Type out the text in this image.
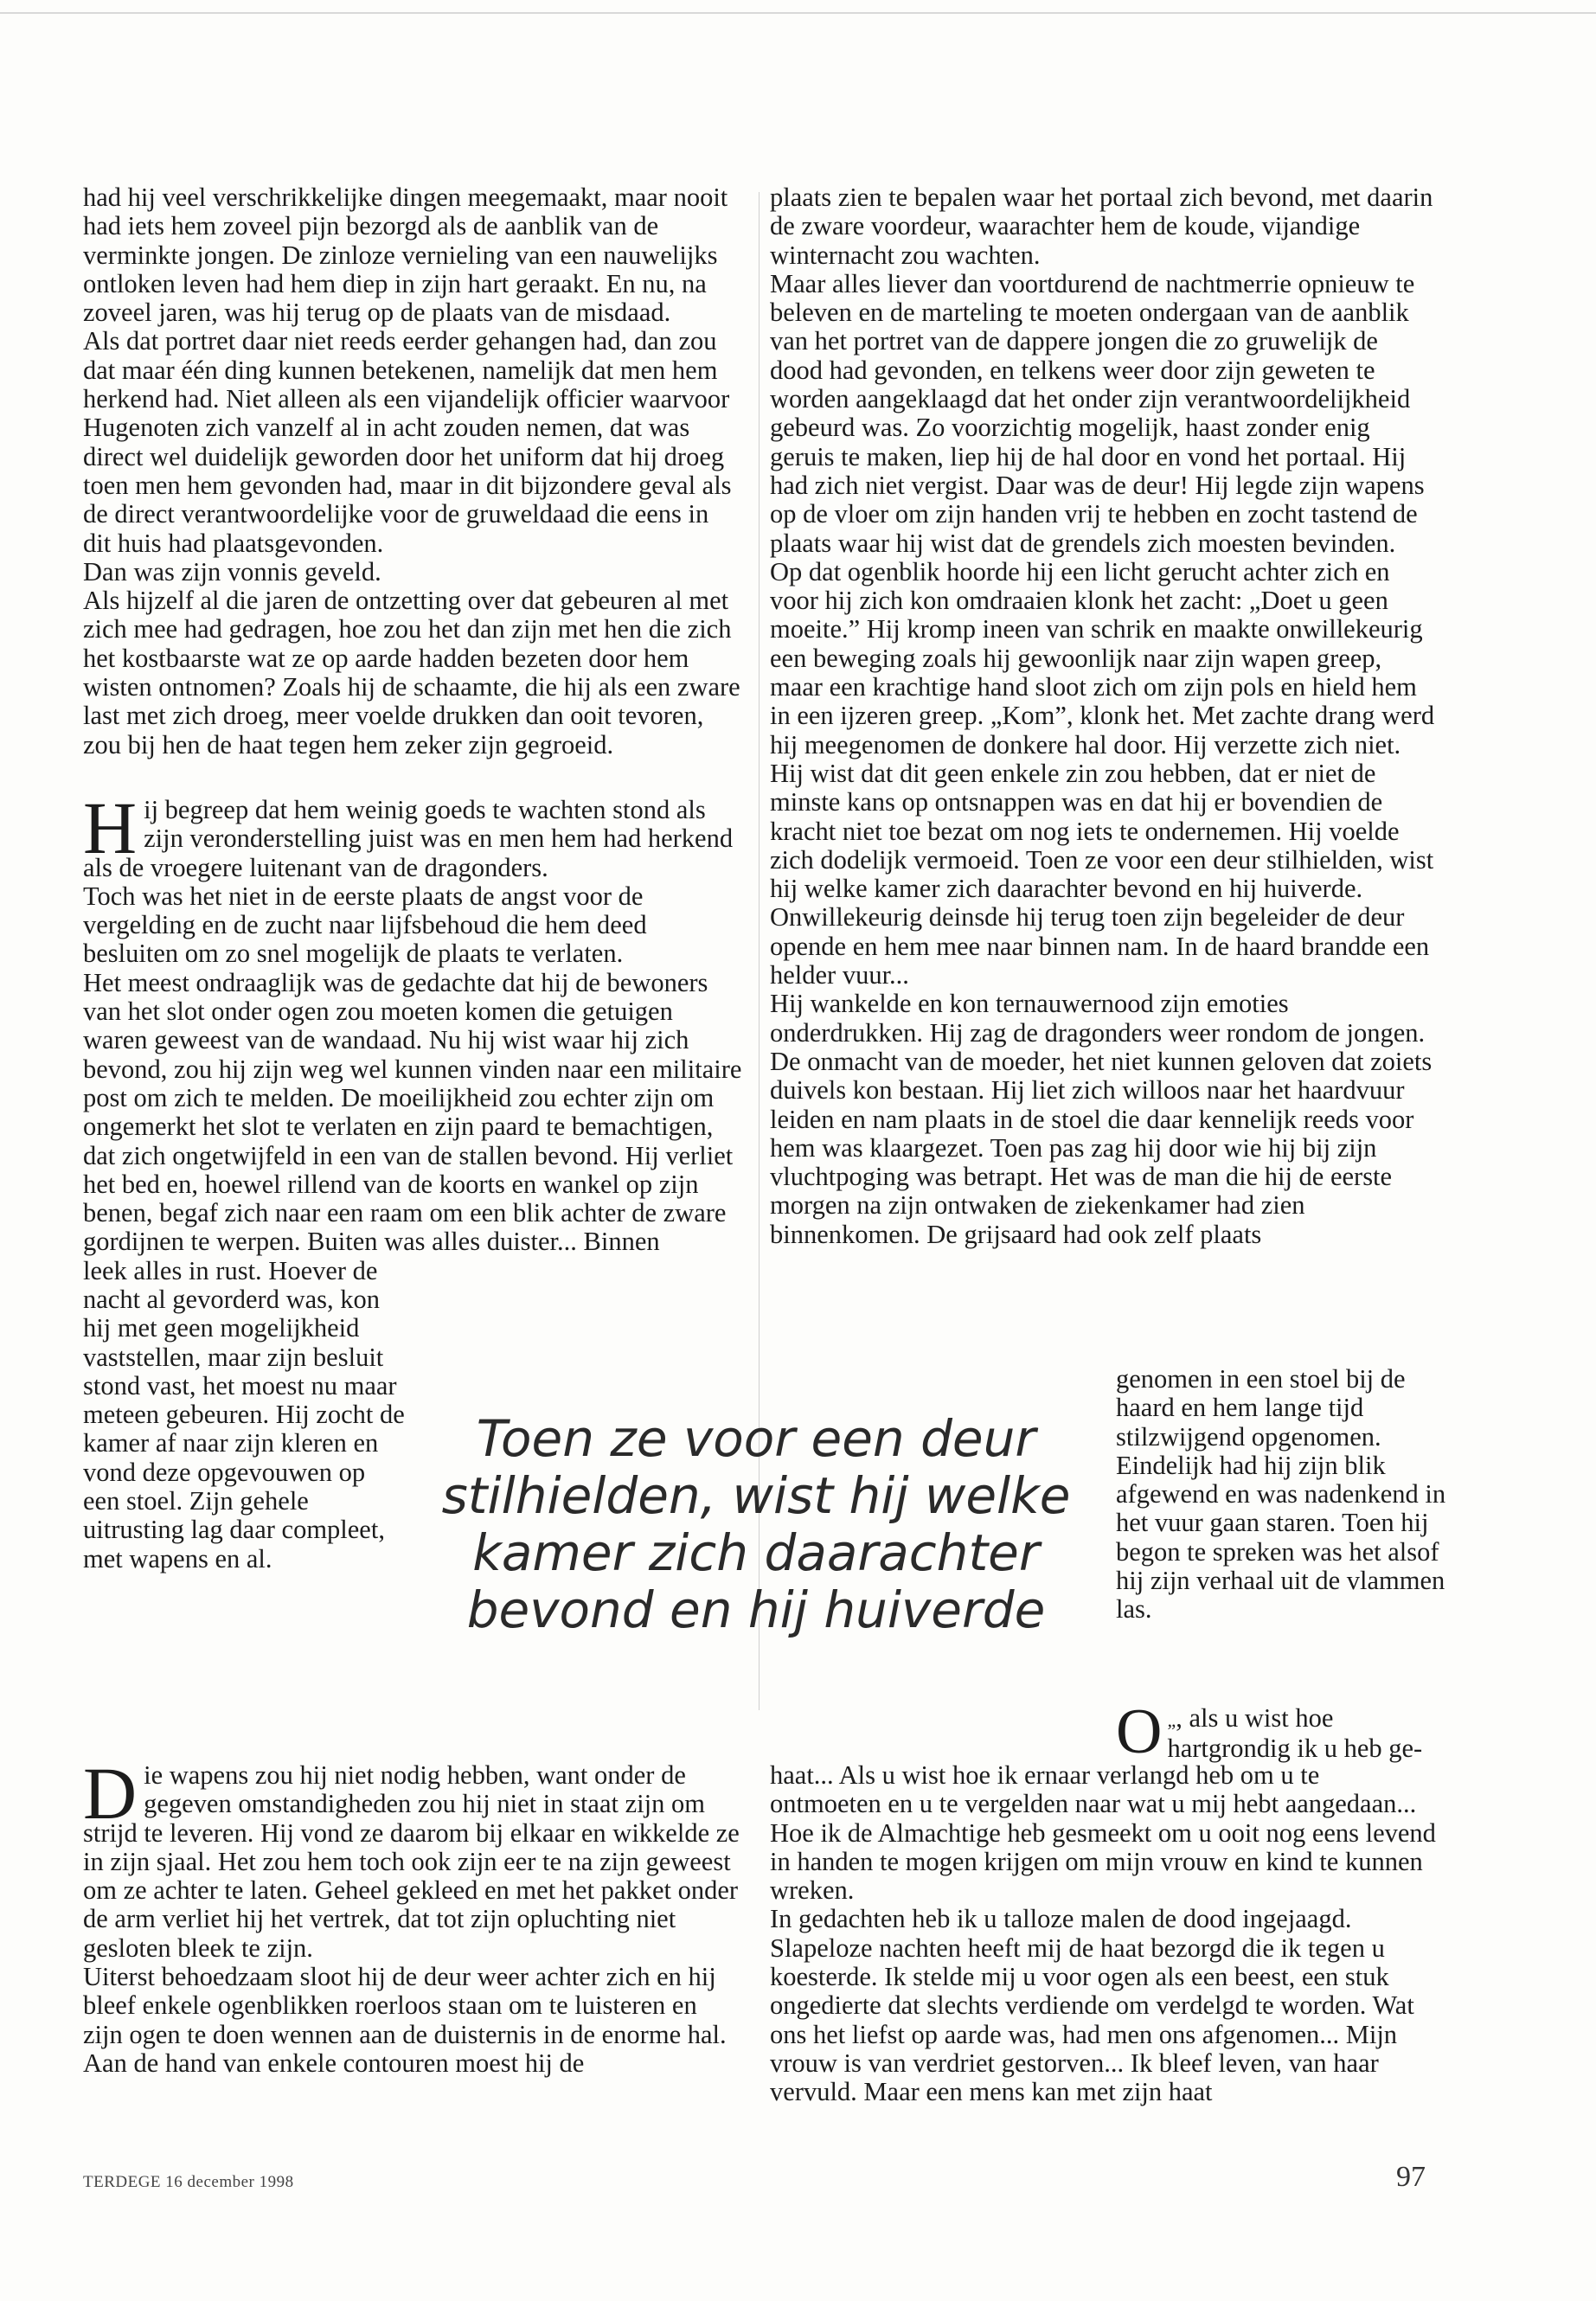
had hij veel verschrikkelijke dingen meegemaakt, maar nooit had iets hem zoveel pijn bezorgd als de aanblik van de verminkte jongen. De zinloze vernieling van een nauwelijks ontloken leven had hem diep in zijn hart geraakt. En nu, na zoveel jaren, was hij terug op de plaats van de misdaad.

Als dat portret daar niet reeds eerder gehangen had, dan zou dat maar één ding kunnen betekenen, namelijk dat men hem herkend had. Niet alleen als een vijandelijk officier waarvoor Hugenoten zich vanzelf al in acht zouden nemen, dat was direct wel duidelijk geworden door het uniform dat hij droeg toen men hem gevonden had, maar in dit bijzondere geval als de direct verantwoordelijke voor de gruweldaad die eens in dit huis had plaatsgevonden.

Dan was zijn vonnis geveld.

Als hijzelf al die jaren de ontzetting over dat gebeuren al met zich mee had gedragen, hoe zou het dan zijn met hen die zich het kostbaarste wat ze op aarde hadden bezeten door hem wisten ontnomen? Zoals hij de schaamte, die hij als een zware last met zich droeg, meer voelde drukken dan ooit tevoren, zou bij hen de haat tegen hem zeker zijn gegroeid.

Hij begreep dat hem weinig goeds te wachten stond als zijn veronderstelling juist was en men hem had herkend als de vroegere luitenant van de dragonders.

Toch was het niet in de eerste plaats de angst voor de vergelding en de zucht naar lijfsbehoud die hem deed besluiten om zo snel mogelijk de plaats te verlaten.

Het meest ondraaglijk was de gedachte dat hij de bewoners van het slot onder ogen zou moeten komen die getuigen waren geweest van de wandaad. Nu hij wist waar hij zich bevond, zou hij zijn weg wel kunnen vinden naar een militaire post om zich te melden. De moeilijkheid zou echter zijn om ongemerkt het slot te verlaten en zijn paard te bemachtigen, dat zich ongetwijfeld in een van de stallen bevond. Hij verliet het bed en, hoewel rillend van de koorts en wankel op zijn benen, begaf zich naar een raam om een blik achter de zware gordijnen te werpen. Buiten was alles duister... Binnen

leek alles in rust. Hoever de nacht al gevorderd was, kon hij met geen mogelijkheid vaststellen, maar zijn besluit stond vast, het moest nu maar meteen gebeuren. Hij zocht de kamer af naar zijn kleren en vond deze opgevouwen op een stoel. Zijn gehele uitrusting lag daar compleet, met wapens en al.

Die wapens zou hij niet nodig hebben, want onder de gegeven omstandigheden zou hij niet in staat zijn om strijd te leveren. Hij vond ze daarom bij elkaar en wikkelde ze in zijn sjaal. Het zou hem toch ook zijn eer te na zijn geweest om ze achter te laten. Geheel gekleed en met het pakket onder de arm verliet hij het vertrek, dat tot zijn opluchting niet gesloten bleek te zijn.

Uiterst behoedzaam sloot hij de deur weer achter zich en hij bleef enkele ogenblikken roerloos staan om te luisteren en zijn ogen te doen wennen aan de duisternis in de enorme hal. Aan de hand van enkele contouren moest hij de

plaats zien te bepalen waar het portaal zich bevond, met daarin de zware voordeur, waarachter hem de koude, vijandige winternacht zou wachten.

Maar alles liever dan voortdurend de nachtmerrie opnieuw te beleven en de marteling te moeten ondergaan van de aanblik van het portret van de dappere jongen die zo gruwelijk de dood had gevonden, en telkens weer door zijn geweten te worden aangeklaagd dat het onder zijn verantwoordelijkheid gebeurd was. Zo voorzichtig mogelijk, haast zonder enig geruis te maken, liep hij de hal door en vond het portaal. Hij had zich niet vergist. Daar was de deur! Hij legde zijn wapens op de vloer om zijn handen vrij te hebben en zocht tastend de plaats waar hij wist dat de grendels zich moesten bevinden.

Op dat ogenblik hoorde hij een licht gerucht achter zich en voor hij zich kon omdraaien klonk het zacht: „Doet u geen moeite.” Hij kromp ineen van schrik en maakte onwillekeurig een beweging zoals hij gewoonlijk naar zijn wapen greep, maar een krachtige hand sloot zich om zijn pols en hield hem in een ijzeren greep. „Kom”, klonk het. Met zachte drang werd hij meegenomen de donkere hal door. Hij verzette zich niet. Hij wist dat dit geen enkele zin zou hebben, dat er niet de minste kans op ontsnappen was en dat hij er bovendien de kracht niet toe bezat om nog iets te ondernemen. Hij voelde zich dodelijk vermoeid. Toen ze voor een deur stilhielden, wist hij welke kamer zich daarachter bevond en hij huiverde. Onwillekeurig deinsde hij terug toen zijn begeleider de deur opende en hem mee naar binnen nam. In de haard brandde een helder vuur...

Hij wankelde en kon ternauwernood zijn emoties onderdrukken. Hij zag de dragonders weer rondom de jongen. De onmacht van de moeder, het niet kunnen geloven dat zoiets duivels kon bestaan. Hij liet zich willoos naar het haardvuur leiden en nam plaats in de stoel die daar kennelijk reeds voor hem was klaargezet. Toen pas zag hij door wie hij bij zijn vluchtpoging was betrapt. Het was de man die hij de eerste morgen na zijn ontwaken de ziekenkamer had zien binnenkomen. De grijsaard had ook zelf plaats

genomen in een stoel bij de haard en hem lange tijd stilzwijgend opgenomen. Eindelijk had hij zijn blik afgewend en was nadenkend in het vuur gaan staren. Toen hij begon te spreken was het alsof hij zijn verhaal uit de vlammen las.

Toen ze voor een deur stilhielden, wist hij welke kamer zich daarachter bevond en hij huiverde
„
O , als u wist hoe hartgrondig ik u heb ge-

haat... Als u wist hoe ik ernaar verlangd heb om u te ontmoeten en u te vergelden naar wat u mij hebt aangedaan... Hoe ik de Almachtige heb gesmeekt om u ooit nog eens levend in handen te mogen krijgen om mijn vrouw en kind te kunnen wreken.

In gedachten heb ik u talloze malen de dood ingejaagd. Slapeloze nachten heeft mij de haat bezorgd die ik tegen u koesterde. Ik stelde mij u voor ogen als een beest, een stuk ongedierte dat slechts verdiende om verdelgd te worden. Wat ons het liefst op aarde was, had men ons afgenomen... Mijn vrouw is van verdriet gestorven... Ik bleef leven, van haar vervuld. Maar een mens kan met zijn haat

TERDEGE 16 december 1998	97
